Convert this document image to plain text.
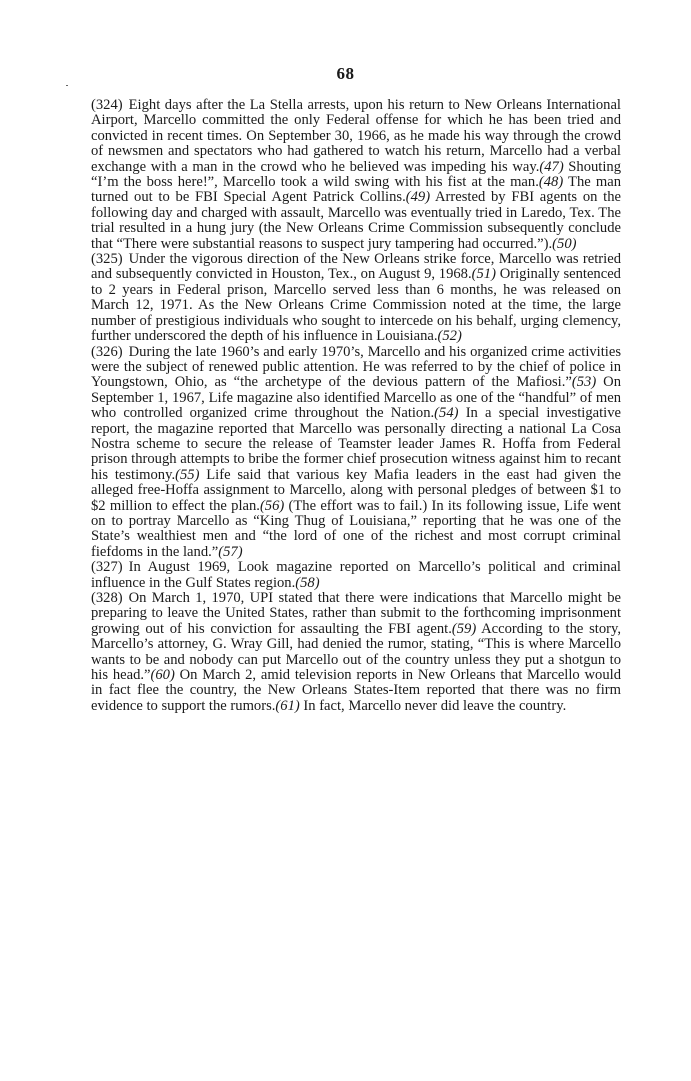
68

(324) Eight days after the La Stella arrests, upon his return to New Orleans International Airport, Marcello committed the only Federal offense for which he has been tried and convicted in recent times. On September 30, 1966, as he made his way through the crowd of newsmen and spectators who had gathered to watch his return, Marcello had a verbal exchange with a man in the crowd who he believed was impeding his way.(47) Shouting “I’m the boss here!”, Marcello took a wild swing with his fist at the man.(48) The man turned out to be FBI Special Agent Patrick Collins.(49) Arrested by FBI agents on the following day and charged with assault, Marcello was eventually tried in Laredo, Tex. The trial resulted in a hung jury (the New Orleans Crime Commission subsequently conclude that “There were substantial reasons to suspect jury tampering had occurred.”).(50)

(325) Under the vigorous direction of the New Orleans strike force, Marcello was retried and subsequently convicted in Houston, Tex., on August 9, 1968.(51) Originally sentenced to 2 years in Federal prison, Marcello served less than 6 months, he was released on March 12, 1971. As the New Orleans Crime Commission noted at the time, the large number of prestigious individuals who sought to intercede on his behalf, urging clemency, further underscored the depth of his influence in Louisiana.(52)

(326) During the late 1960’s and early 1970’s, Marcello and his organized crime activities were the subject of renewed public attention. He was referred to by the chief of police in Youngstown, Ohio, as “the archetype of the devious pattern of the Mafiosi.”(53) On September 1, 1967, Life magazine also identified Marcello as one of the “handful” of men who controlled organized crime throughout the Nation.(54) In a special investigative report, the magazine reported that Marcello was personally directing a national La Cosa Nostra scheme to secure the release of Teamster leader James R. Hoffa from Federal prison through attempts to bribe the former chief prosecution witness against him to recant his testimony.(55) Life said that various key Mafia leaders in the east had given the alleged free-Hoffa assignment to Marcello, along with personal pledges of between $1 to $2 million to effect the plan.(56) (The effort was to fail.) In its following issue, Life went on to portray Marcello as “King Thug of Louisiana,” reporting that he was one of the State’s wealthiest men and “the lord of one of the richest and most corrupt criminal fiefdoms in the land.”(57)

(327) In August 1969, Look magazine reported on Marcello’s political and criminal influence in the Gulf States region.(58)

(328) On March 1, 1970, UPI stated that there were indications that Marcello might be preparing to leave the United States, rather than submit to the forthcoming imprisonment growing out of his conviction for assaulting the FBI agent.(59) According to the story, Marcello’s attorney, G. Wray Gill, had denied the rumor, stating, “This is where Marcello wants to be and nobody can put Marcello out of the country unless they put a shotgun to his head.”(60) On March 2, amid television reports in New Orleans that Marcello would in fact flee the country, the New Orleans States-Item reported that there was no firm evidence to support the rumors.(61) In fact, Marcello never did leave the country.
